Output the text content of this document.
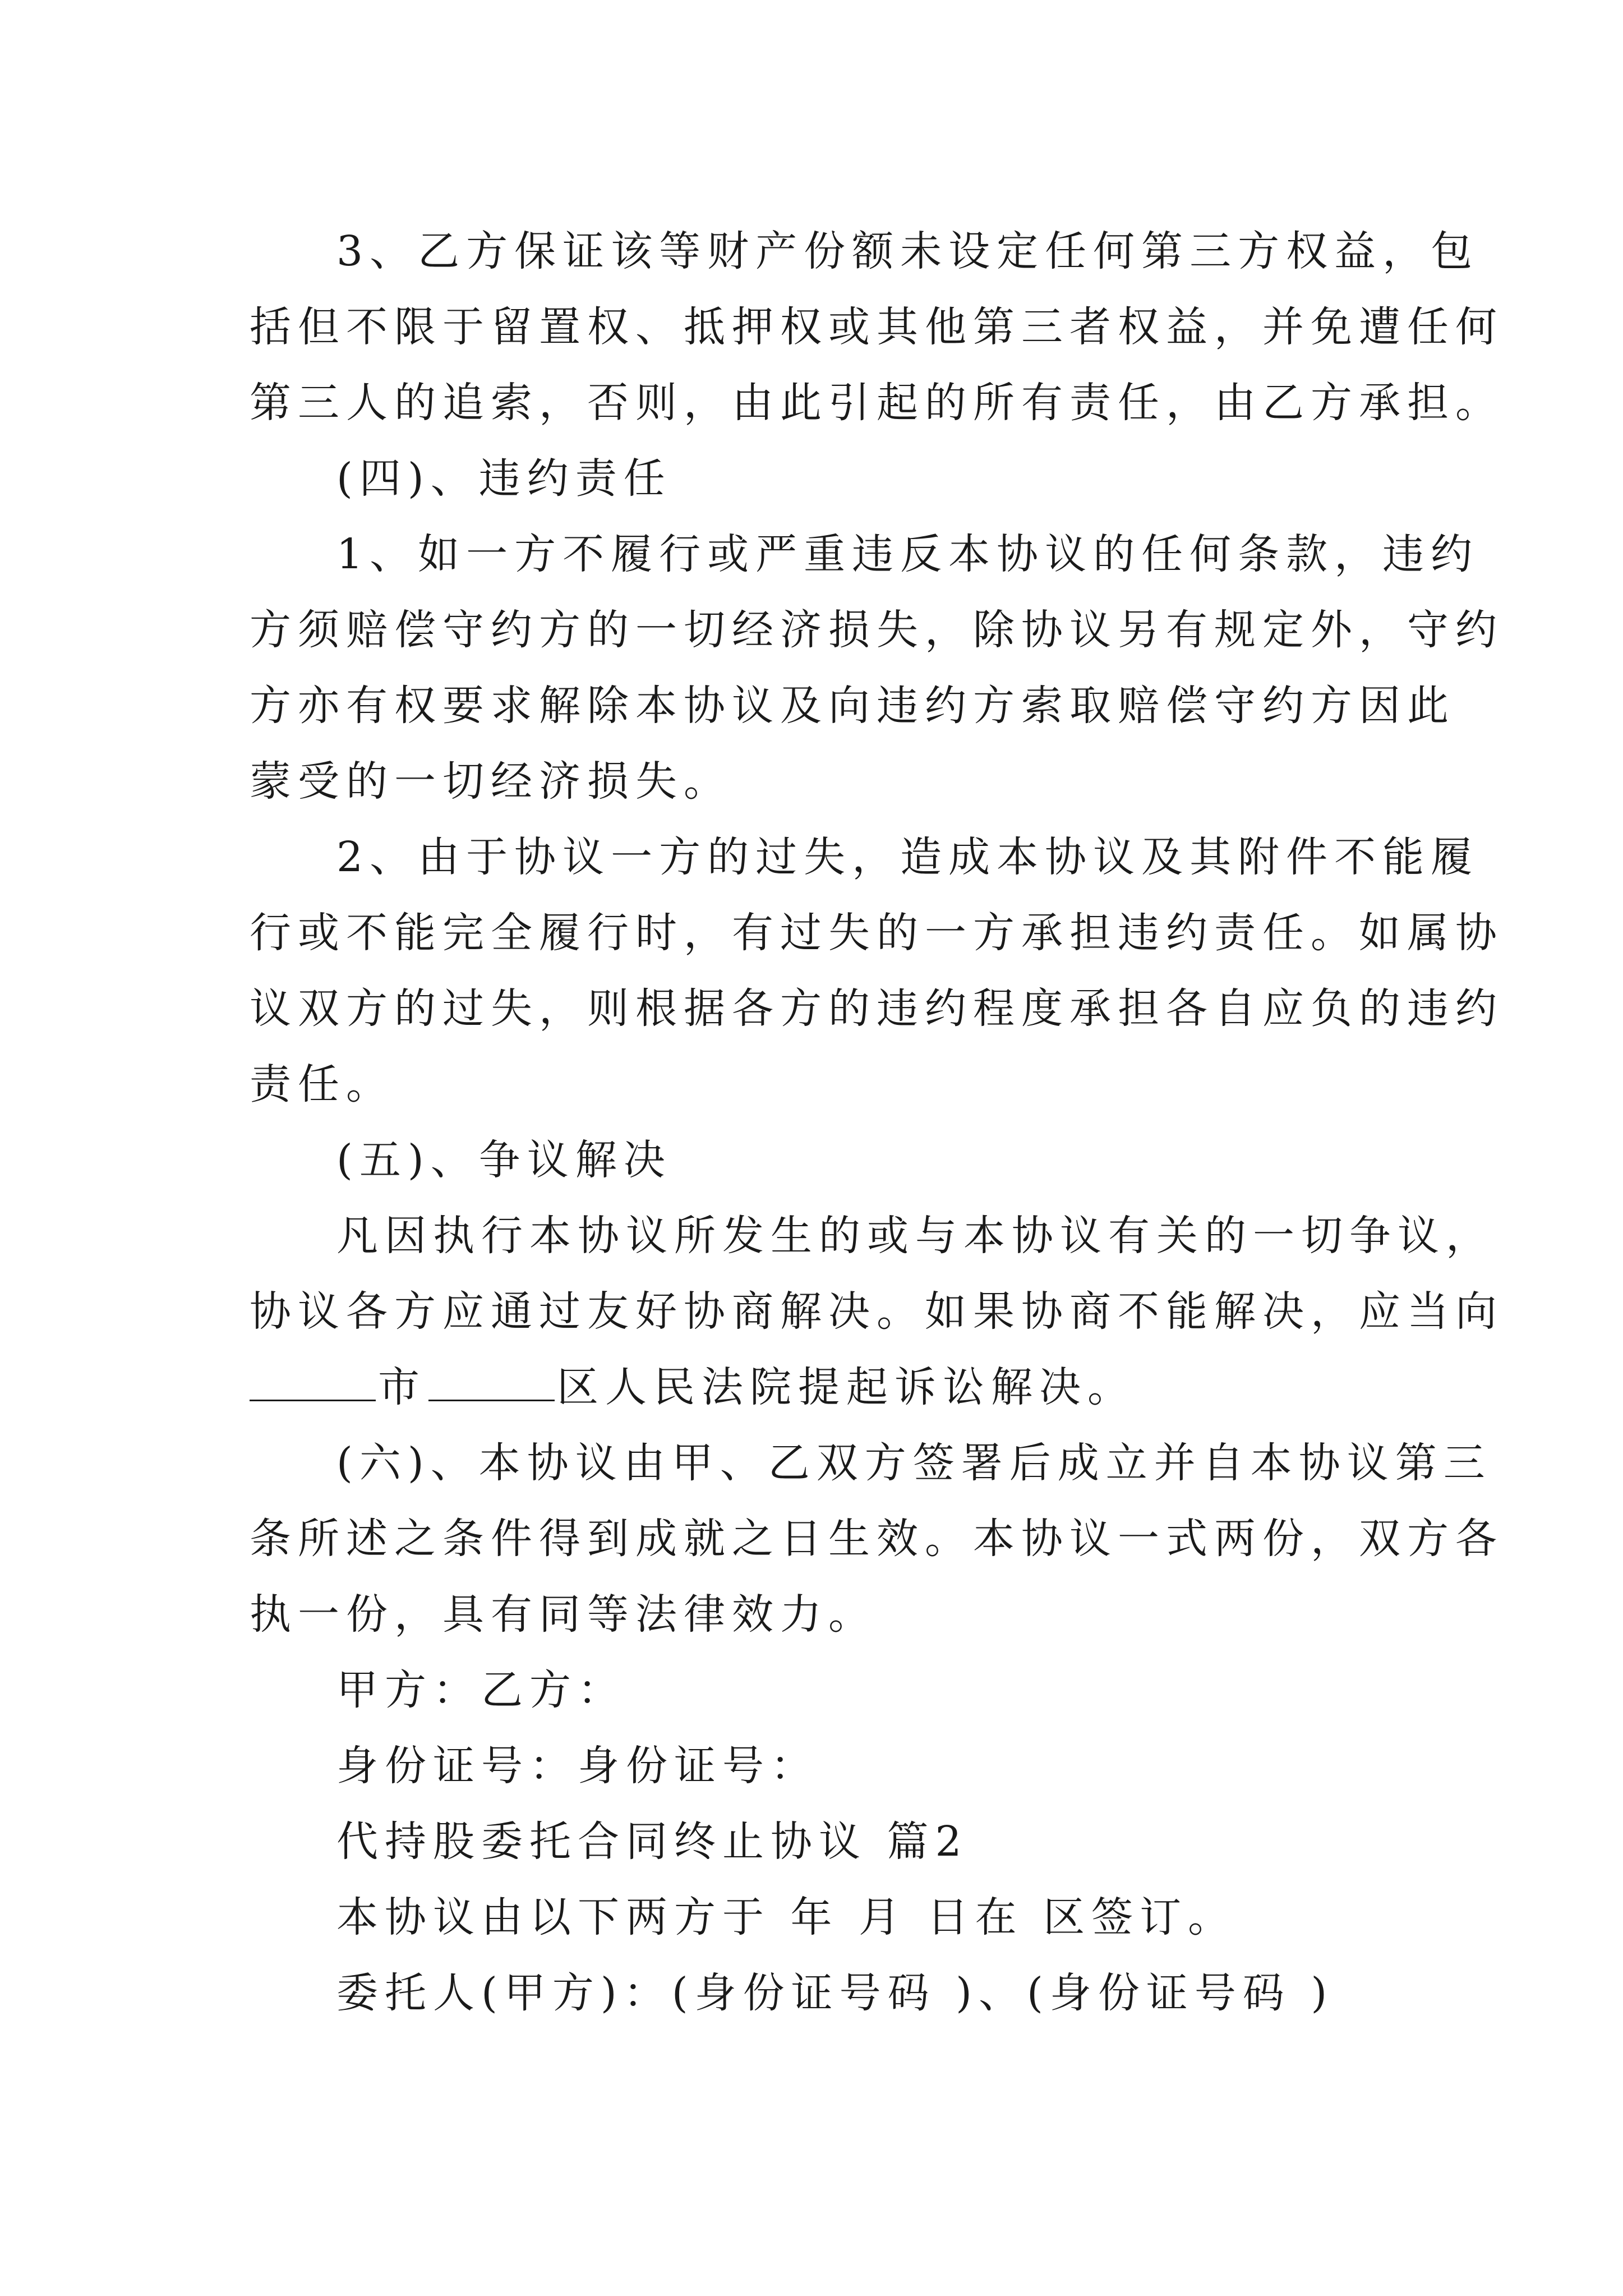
3、乙方保证该等财产份额未设定任何第三方权益，包
括但不限于留置权、抵押权或其他第三者权益，并免遭任何
第三人的追索，否则，由此引起的所有责任，由乙方承担。
(四)、违约责任
1、如一方不履行或严重违反本协议的任何条款，违约
方须赔偿守约方的一切经济损失，除协议另有规定外，守约
方亦有权要求解除本协议及向违约方索取赔偿守约方因此
蒙受的一切经济损失。
2、由于协议一方的过失，造成本协议及其附件不能履
行或不能完全履行时，有过失的一方承担违约责任。如属协
议双方的过失，则根据各方的违约程度承担各自应负的违约
责任。
(五)、争议解决
凡因执行本协议所发生的或与本协议有关的一切争议，
协议各方应通过友好协商解决。如果协商不能解决，应当向
市	区人民法院提起诉讼解决。
(六)、本协议由甲、乙双方签署后成立并自本协议第三
条所述之条件得到成就之日生效。本协议一式两份，双方各
执一份，具有同等法律效力。
甲方：乙方：
身份证号：身份证号：
代持股委托合同终止协议 篇2
本协议由以下两方于 年 月 日在 区签订。
委托人(甲方)：(身份证号码 )、(身份证号码 )
